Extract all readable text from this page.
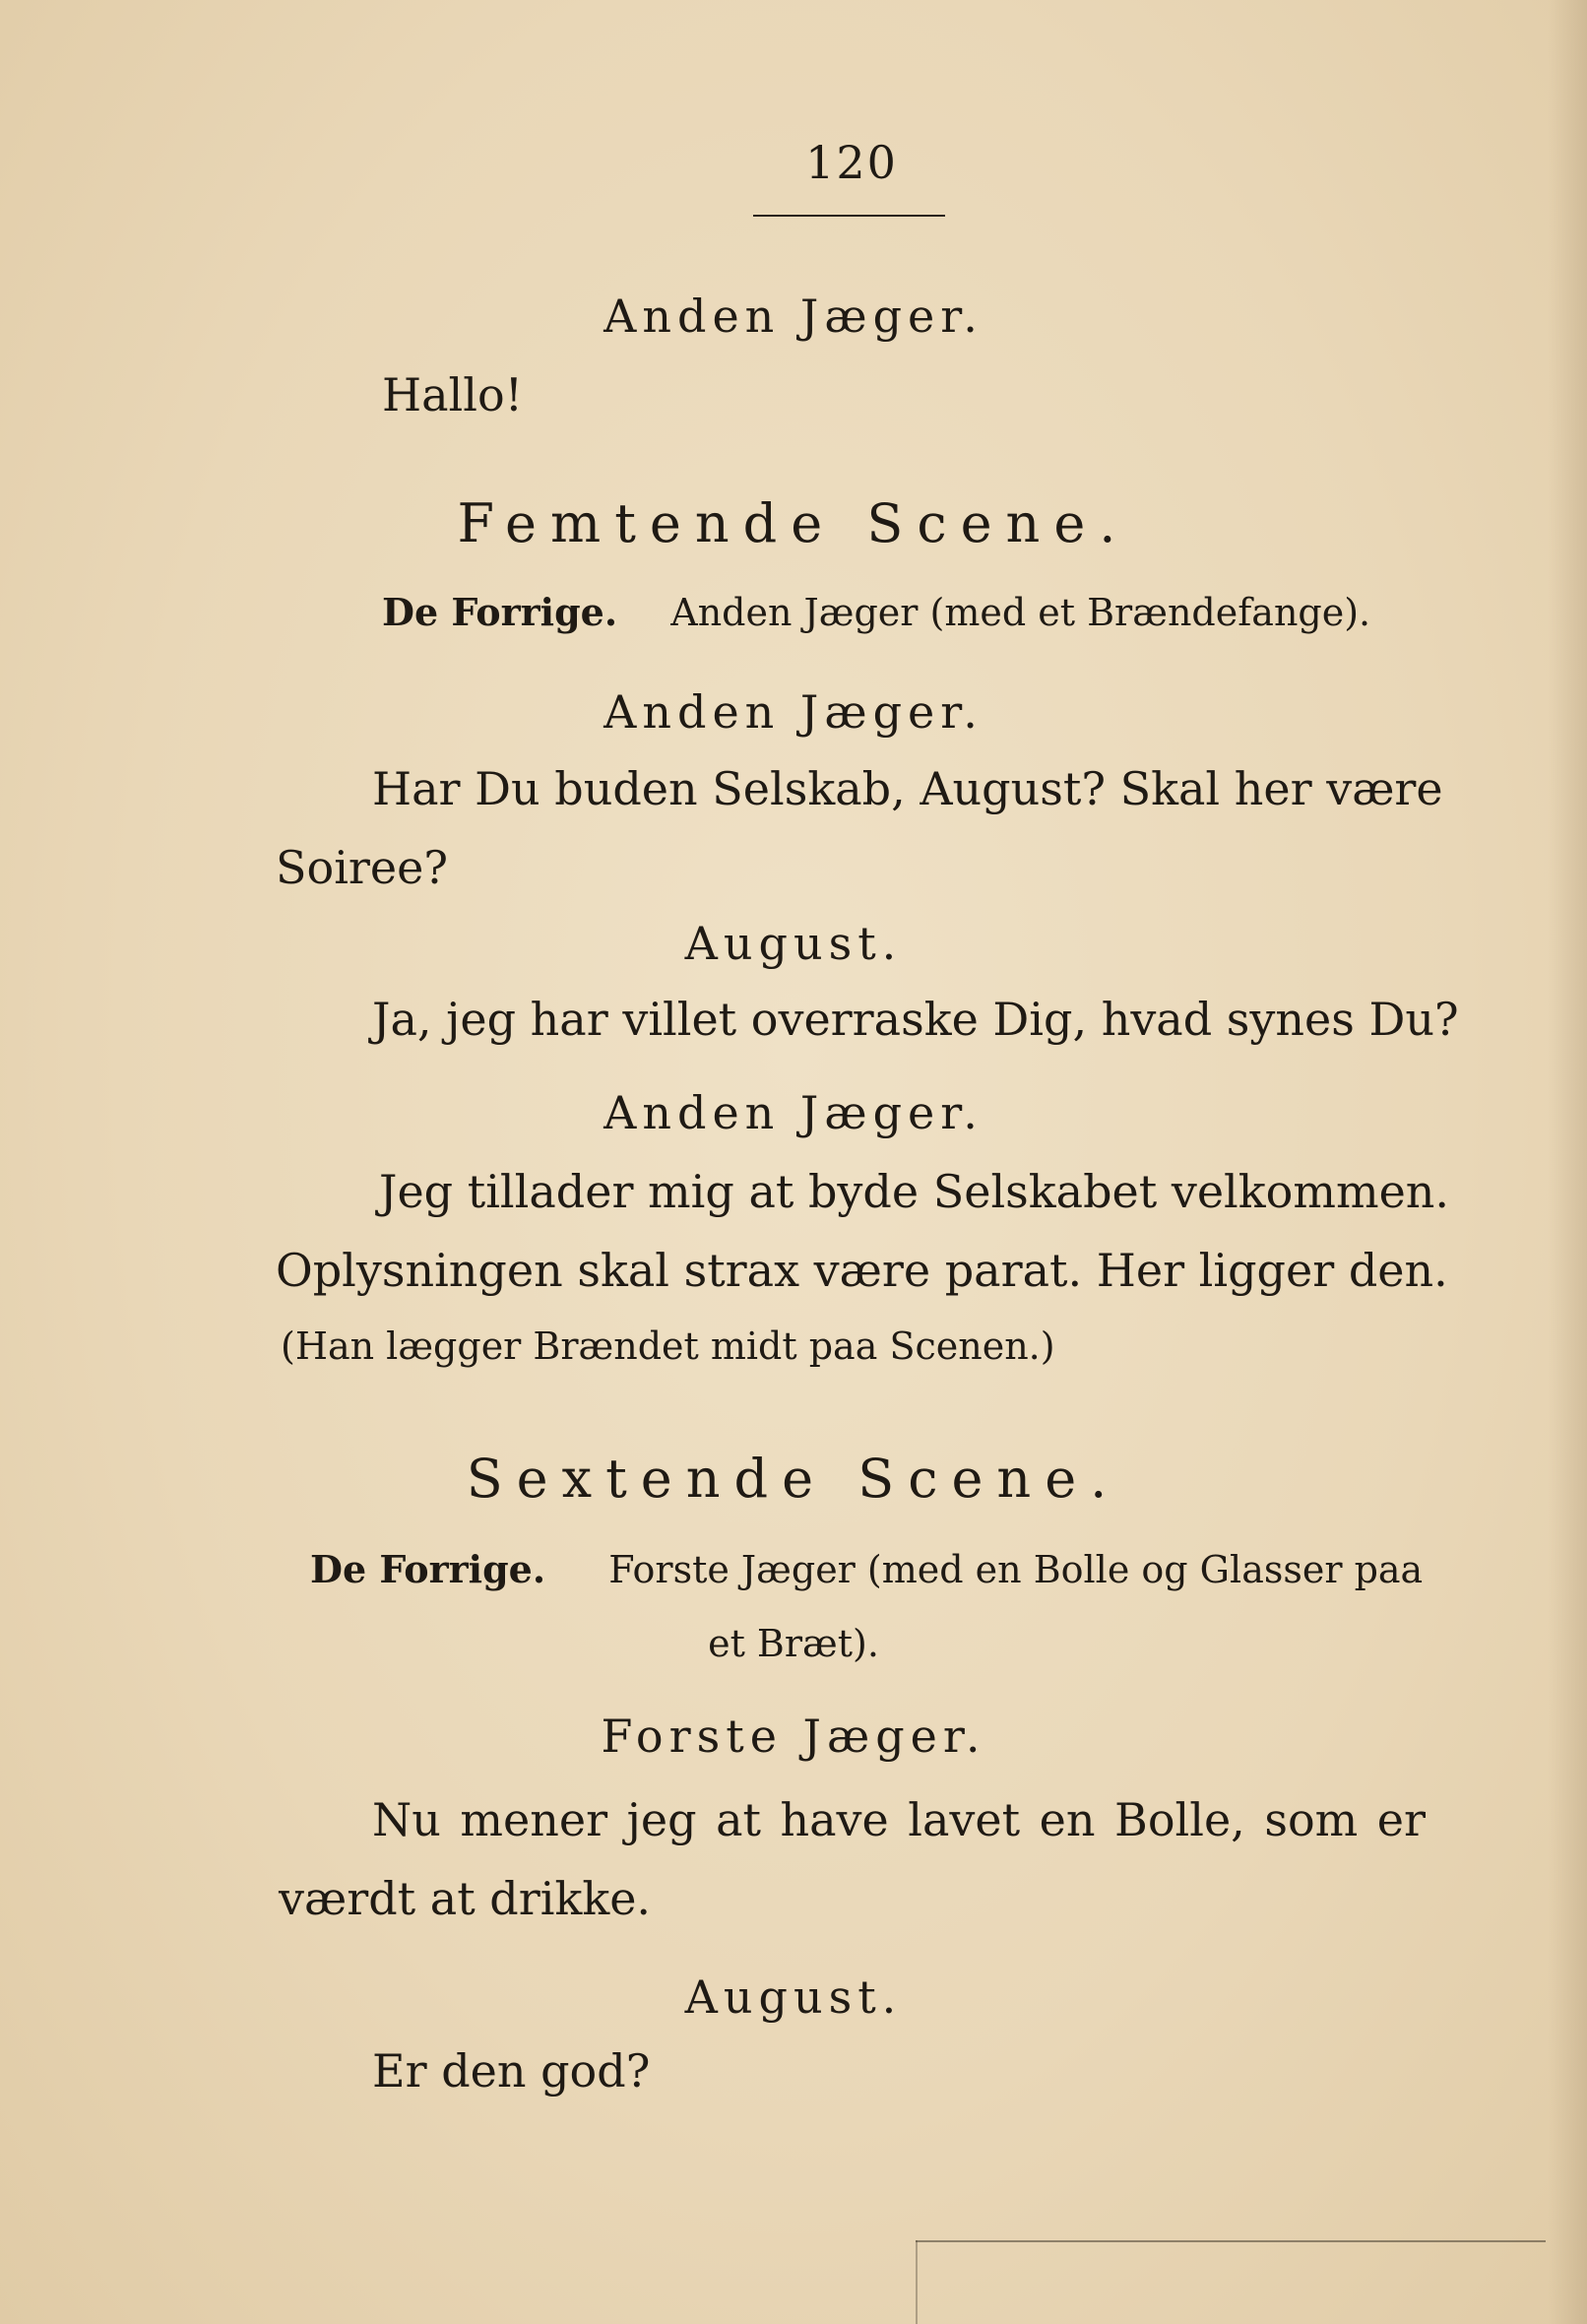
120
Anden Jæger.
Hallo!
Femtende Scene.
De Forrige. Anden Jæger (med et Brændefange).
Anden Jæger.
Har Du buden Selskab, August? Skal her være
Soiree?
August.
Ja, jeg har villet overraske Dig, hvad synes Du?
Anden Jæger.
Jeg tillader mig at byde Selskabet velkommen.
Oplysningen skal strax være parat. Her ligger den.
(Han lægger Brændet midt paa Scenen.)
Sextende Scene.
De Forrige. Forste Jæger (med en Bolle og Glasser paa
et Bræt).
Forste Jæger.
Nu mener jeg at have lavet en Bolle, som er
værdt at drikke.
August.
Er den god?
